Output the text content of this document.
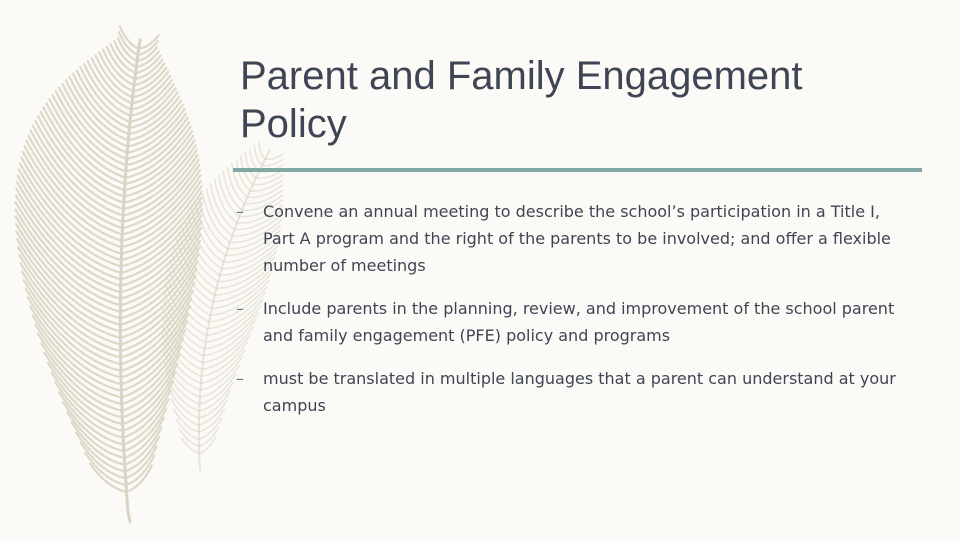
Parent and Family Engagement Policy
– Convene an annual meeting to describe the school’s participation in a Title I, Part A program and the right of the parents to be involved; and offer a flexible number of meetings
– Include parents in the planning, review, and improvement of the school parent and family engagement (PFE) policy and programs
– must be translated in multiple languages that a parent can understand at your campus
